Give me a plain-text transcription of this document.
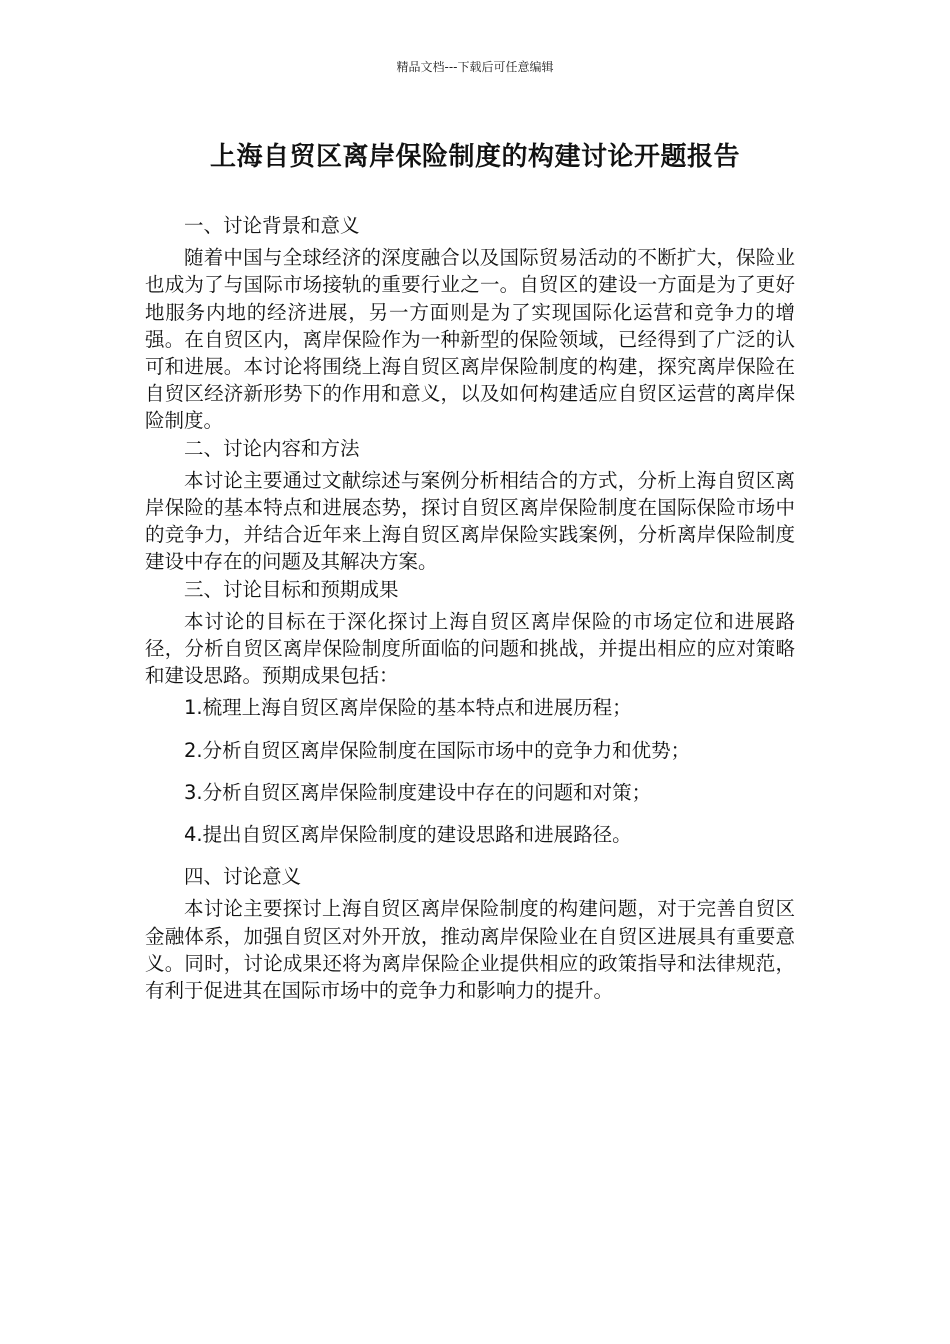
精品文档---下载后可任意编辑
上海自贸区离岸保险制度的构建讨论开题报告

一、讨论背景和意义

随着中国与全球经济的深度融合以及国际贸易活动的不断扩大，保险业也成为了与国际市场接轨的重要行业之一。自贸区的建设一方面是为了更好地服务内地的经济进展，另一方面则是为了实现国际化运营和竞争力的增强。在自贸区内，离岸保险作为一种新型的保险领域，已经得到了广泛的认可和进展。本讨论将围绕上海自贸区离岸保险制度的构建，探究离岸保险在自贸区经济新形势下的作用和意义，以及如何构建适应自贸区运营的离岸保险制度。

二、讨论内容和方法

本讨论主要通过文献综述与案例分析相结合的方式，分析上海自贸区离岸保险的基本特点和进展态势，探讨自贸区离岸保险制度在国际保险市场中的竞争力，并结合近年来上海自贸区离岸保险实践案例，分析离岸保险制度建设中存在的问题及其解决方案。

三、讨论目标和预期成果

本讨论的目标在于深化探讨上海自贸区离岸保险的市场定位和进展路径，分析自贸区离岸保险制度所面临的问题和挑战，并提出相应的应对策略和建设思路。预期成果包括：

1.梳理上海自贸区离岸保险的基本特点和进展历程；

2.分析自贸区离岸保险制度在国际市场中的竞争力和优势；

3.分析自贸区离岸保险制度建设中存在的问题和对策；

4.提出自贸区离岸保险制度的建设思路和进展路径。

四、讨论意义

本讨论主要探讨上海自贸区离岸保险制度的构建问题，对于完善自贸区金融体系，加强自贸区对外开放，推动离岸保险业在自贸区进展具有重要意义。同时，讨论成果还将为离岸保险企业提供相应的政策指导和法律规范，有利于促进其在国际市场中的竞争力和影响力的提升。
